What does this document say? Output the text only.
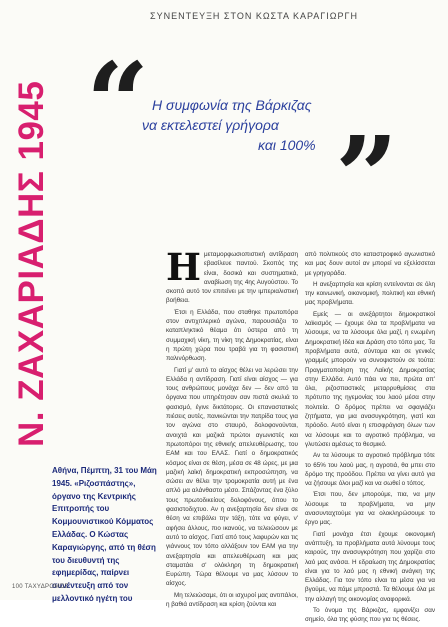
ΣΥΝΕΝΤΕΥΞΗ ΣΤΟΝ ΚΩΣΤΑ ΚΑΡΑΓΙΩΡΓΗ
Ν. ΖΑΧΑΡΙΑΔΗΣ 1945 “ Η συμφωνία της Βάρκιζας
να εκτελεστεί γρήγορα
και 100% ”
Αθήνα, Πέμπτη, 31 του Μάη 1945. «Ριζοσπάστης», όργανο της Κεντρικής Επιτροπής του Κομμουνιστικού Κόμματος Ελλάδας. Ο Κώστας Καραγιώργης, από τη θέση του διευθυντή της εφημερίδας, παίρνει συνέντευξη από τον μελλοντικό ηγέτη του
Η μεταμορφωσιοπιστική αντίδραση εβασίλευε παντού. Σκοπός της είναι, δοσικά και συστηματικά, αναβίωση της 4ης Αυγούστου. Το σκοπό αυτό τον επιτείνει με την ιμπεριαλιστική βοήθεια.

Έτσι η Ελλάδα, που σταθηκε πρωτοπόρα στον αντιχιτλερικό αγώνα, παρουσιάζει το καταπληκτικό θέαμα ότι ύστερα από τη συμμαχική νίκη, τη νίκη της Δημοκρατίας, είναι η πρώτη χώρα που τραβά για τη φασιστική παλινόρθωση.

Γιατί μ' αυτό το αίσχος θέλει να λερώσει την Ελλάδα η αντίδραση. Γιατί είναι αίσχος — για τους ανθρώπους μονάχα δεν — δεν από τα όργανα που υπηρέτησαν σαν πιστά σκυλιά το φασισμό, έγινε δικτάτορες. Οι επαναστατικές πιέσεις αυτές, πανικώνται την πατρίδα τους για τον αγώνα στο σταυρό, δολοφονούνται, ανοιχτά και μαζικά πρώτοι αγωνιστές και πρωτοπόροι της εθνικής απελευθέρωσης, του ΕΑΜ και του ΕΛΑΣ. Γιατί ο δημοκρατικός κόσμος είναι σε θέση, μέσα σε 48 ώρες, με μια μαζική λαϊκή δημοκρατική εκπροσώπηση, να σώσει αν θέλει την τρομοκρατία αυτή με ένα απλό μα αλάνθαστο μέσο. Σπάζοντας ένα ξύλο τους πρωτοδικείους δολοφόνους, όπου το φασιστοδιχτυο. Αν η ανεξαρτησία δεν είναι σε θέση να επιβάλει την τάξη, τότε να φύγει, ν' αφήσει άλλους, πιο ικανούς, να τελειώσουν με αυτό το αίσχος. Γιατί από τους λαφυρών και τις γιάννους τον τόπο αλλάξουν τον ΕΑΜ για την ανεξαρτησία και απελευθέρωση και μας σταματάει σ' ολόκληρη τη δημοκρατική Ευρώπη. Τώρα θέλουμε να μας λύσουν το αίσχος.

Μη τελειώσαμε, ότι οι ισχυροί μας αντιπάλοι, η βαθιά αντίδραση και κρίση ζούνται και

από πολιτικούς στο καταστροφικό αγωνιστικό και μας δουν αυτοί αν μπορεί να εξελίσσεται με γρηγοράδα.

Η ανεξαρτησία και κρίση εντείνονται σε όλη την κοινωνική, οικονομική, πολιτική και εθνική μας προβλήματα.

Εμείς — οι ανεξάρτητοι δημοκρατικοί λαϊκισμός — έχουμε όλα τα προβλήματα να λύσουμε, να τα λύσουμε όλα μαζί, η ενωμένη Δημοκρατική Ιδέα και Δράση στο τόπο μας. Τα προβλήματα αυτά, σύντομα και σε γενικές γραμμές μπορούν να συνοψιστούν σε τούτα: Πραγματοποίηση της Λαϊκής Δημοκρατίας στην Ελλάδα. Αυτό πάει να πει, πρώτα απ' όλα, ριζοσπαστικές μεταρρυθμίσεις στα πρότυπο της ηγεμονίας του λαού μέσα στην πολιτεία. Ο δρόμος πρέπει να σφαγιάζει ζητήματα, για μια ανασυγκρότηση, γιατί και πρόοδο. Αυτό είναι η επισφράγιση όλων των να λύσουμε και το αγροτικό πρόβλημα, να γλυτώσει αμέσως το θεσμικό.

Αν τα λύσουμε το αγροτικό πρόβλημα τότε το 65% του λαού μας, η αγροτιά, θα μπει στο δρόμο της προόδου. Πρέπει να γίνει αυτό για να ζήσουμε όλοι μαζί και να σωθεί ο τόπος.

Έτσι που, δεν μπορούμε, πια, να μην λύσουμε τα προβλήματα, να μην ανασυνταχτούμε για να ολοκληρώσουμε το έργο μας.

Γιατί μονάχα έτσι έχουμε οικονομική ανάπτυξη, τα προβλήματα αυτά λύνουμε τους καιρούς, την ανασυγκρότηση που χαρίζει στο λαό μας ανάσα. Η εδραίωση της Δημοκρατίας είναι για το λαό μας η εθνική ανάγκη της Ελλάδας. Για τον τόπο είναι τα μέσα για να βγούμε, να πάμε μπροστά. Τα θέλουμε όλα με την αλλαγή της οικονομίας αναφορικά.

Το όνομα της Βάρκιζας, εμφανίζει σαν σημείο, όλα της φύσης που για τις θέσεις.

100 ΤΑΧΥΔΡΟΜΟΣ
